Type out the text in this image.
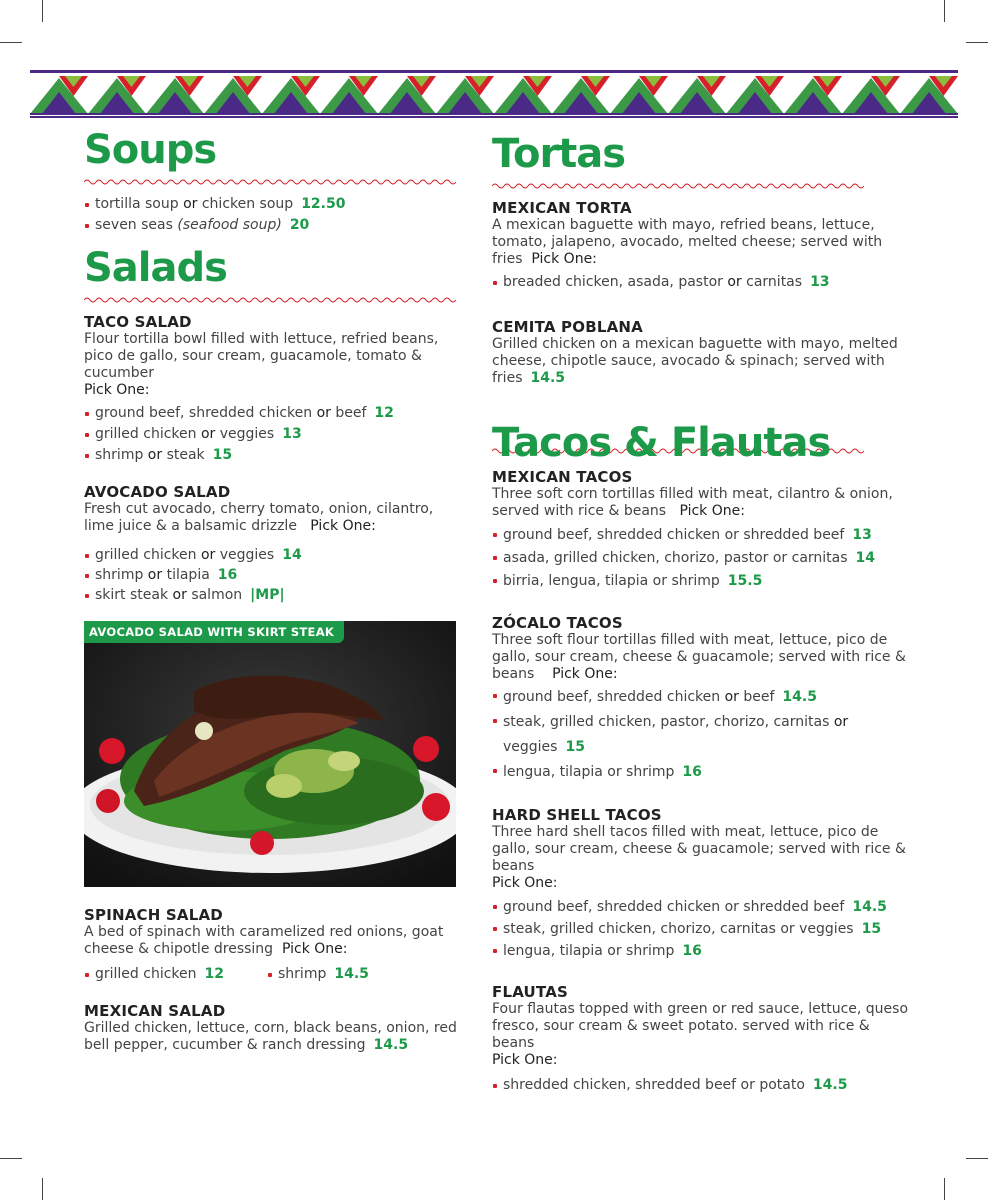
Soups
tortilla soup or chicken soup 12.50
seven seas (seafood soup) 20
Salads

TACO SALAD

Flour tortilla bowl filled with lettuce, refried beans, pico de gallo, sour cream, guacamole, tomato & cucumber
Pick One:

ground beef, shredded chicken or beef 12
grilled chicken or veggies 13
shrimp or steak 15

AVOCADO SALAD

Fresh cut avocado, cherry tomato, onion, cilantro, lime juice & a balsamic drizzle Pick One:

grilled chicken or veggies 14
shrimp or tilapia 16
skirt steak or salmon |MP|
AVOCADO SALAD WITH SKIRT STEAK

SPINACH SALAD

A bed of spinach with caramelized red onions, goat cheese & chipotle dressing Pick One:

grilled chicken 12	shrimp 14.5

MEXICAN SALAD

Grilled chicken, lettuce, corn, black beans, onion, red bell pepper, cucumber & ranch dressing 14.5

Tortas

MEXICAN TORTA

A mexican baguette with mayo, refried beans, lettuce, tomato, jalapeno, avocado, melted cheese; served with fries Pick One:

breaded chicken, asada, pastor or carnitas 13

CEMITA POBLANA

Grilled chicken on a mexican baguette with mayo, melted cheese, chipotle sauce, avocado & spinach; served with fries 14.5

Tacos & Flautas

MEXICAN TACOS

Three soft corn tortillas filled with meat, cilantro & onion, served with rice & beans Pick One:

ground beef, shredded chicken or shredded beef 13
asada, grilled chicken, chorizo, pastor or carnitas 14
birria, lengua, tilapia or shrimp 15.5

ZÓCALO TACOS

Three soft flour tortillas filled with meat, lettuce, pico de gallo, sour cream, cheese & guacamole; served with rice & beans Pick One:

ground beef, shredded chicken or beef 14.5
steak, grilled chicken, pastor, chorizo, carnitas or veggies 15
lengua, tilapia or shrimp 16

HARD SHELL TACOS

Three hard shell tacos filled with meat, lettuce, pico de gallo, sour cream, cheese & guacamole; served with rice & beans
Pick One:

ground beef, shredded chicken or shredded beef 14.5
steak, grilled chicken, chorizo, carnitas or veggies 15
lengua, tilapia or shrimp 16

FLAUTAS

Four flautas topped with green or red sauce, lettuce, queso fresco, sour cream & sweet potato. served with rice & beans
Pick One:

shredded chicken, shredded beef or potato 14.5
